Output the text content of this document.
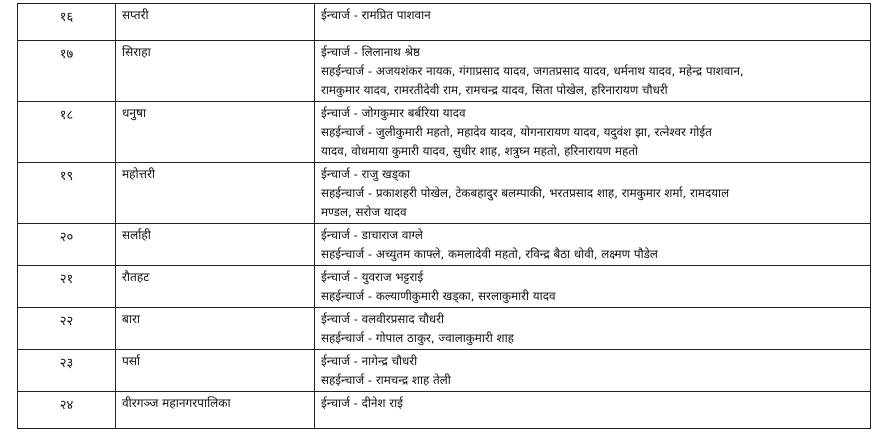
१६	सप्तरी	ईन्चार्ज - रामप्रित पाशवान

१७	सिराहा	ईन्चार्ज - लिलानाथ श्रेष्ठ
सहईन्चार्ज - अजयशंकर नायक, गंगाप्रसाद यादव, जगतप्रसाद यादव, धर्मनाथ यादव, महेन्द्र पाशवान,
रामकुमार यादव, रामरतीदेवी राम, रामचन्द्र यादव, सिता पोखेल, हरिनारायण चौधरी

१८	धनुषा	ईन्चार्ज - जोगकुमार बर्बरिया यादव
सहईन्चार्ज - जुलीकुमारी महतो, महादेव यादव, योगनारायण यादव, यदुवंश झा, रत्नेश्वर गोईत
यादव, वोधमाया कुमारी यादव, सुधीर शाह, शत्रुघ्न महतो, हरिनारायण महतो

१९	महोत्तरी	ईन्चार्ज - राजु खड्का
सहईन्चार्ज - प्रकाशहरी पोखेल, टेकबहादुर बलम्पाकी, भरतप्रसाद शाह, रामकुमार शर्मा, रामदयाल
मण्डल, सरोज यादव

२०	सर्लाही	ईन्चार्ज - डाचाराज वाग्ले
सहईन्चार्ज - अच्युतम काफ्ले, कमलादेवी महतो, रविन्द्र बैठा धोवी, लक्ष्मण पौडेल

२१	रौतहट	ईन्चार्ज - युवराज भट्टराई
सहईन्चार्ज - कल्याणीकुमारी खड्का, सरलाकुमारी यादव

२२	बारा	ईन्चार्ज - वलवीरप्रसाद चौधरी
सहईन्चार्ज - गोपाल ठाकुर, ज्वालाकुमारी शाह

२३	पर्सा	ईन्चार्ज - नागेन्द्र चौधरी
सहईन्चार्ज - रामचन्द्र शाह तेली

२४	वीरगञ्ज महानगरपालिका	ईन्चार्ज - दीनेश राई
